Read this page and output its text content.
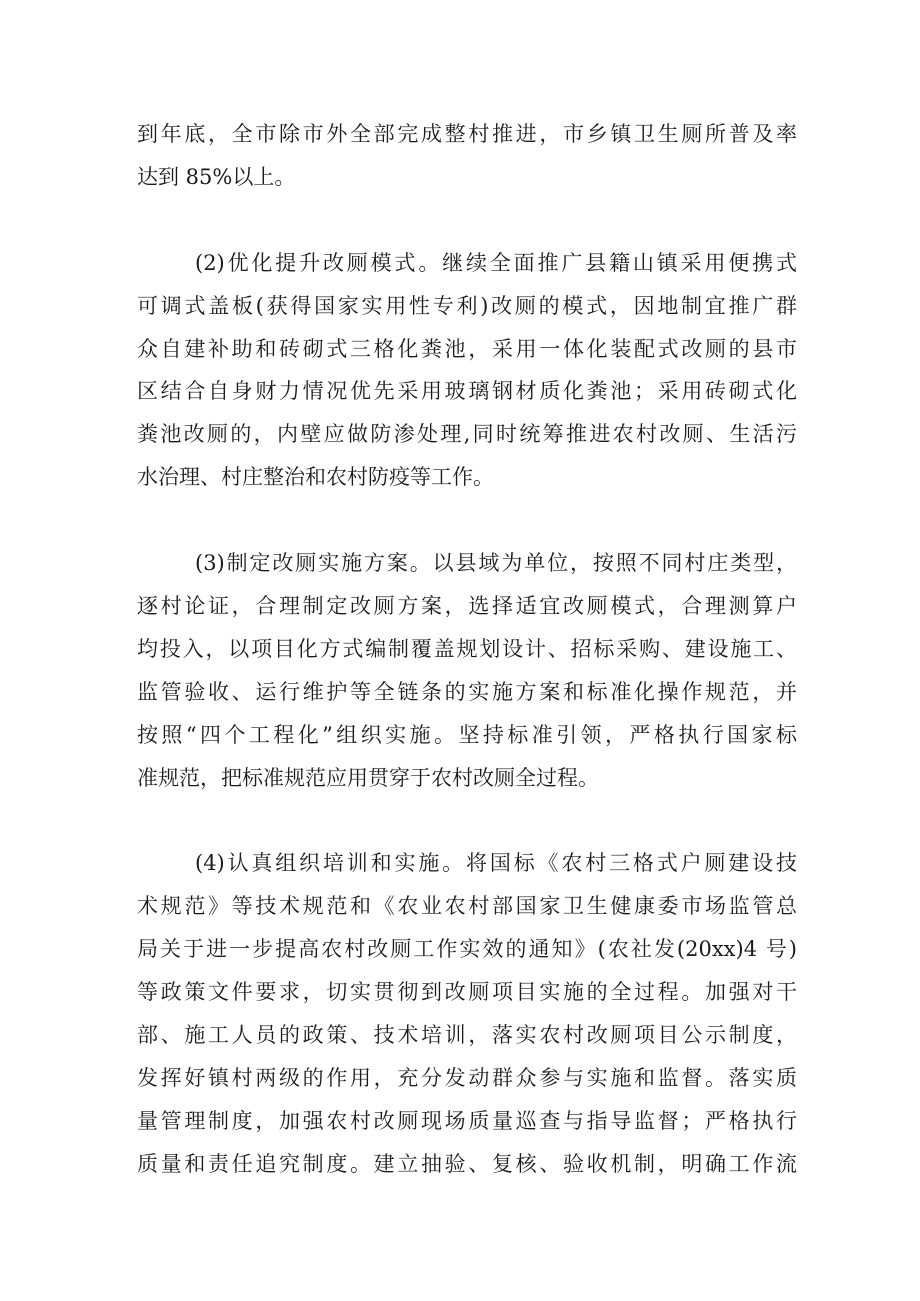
到年底，全市除市外全部完成整村推进，市乡镇卫生厕所普及率
达到 85%以上。
(2)优化提升改厕模式。继续全面推广县籍山镇采用便携式
可调式盖板(获得国家实用性专利)改厕的模式，因地制宜推广群
众自建补助和砖砌式三格化粪池，采用一体化装配式改厕的县市
区结合自身财力情况优先采用玻璃钢材质化粪池；采用砖砌式化
粪池改厕的，内壁应做防渗处理,同时统筹推进农村改厕、生活污
水治理、村庄整治和农村防疫等工作。
(3)制定改厕实施方案。以县域为单位，按照不同村庄类型，
逐村论证，合理制定改厕方案，选择适宜改厕模式，合理测算户
均投入，以项目化方式编制覆盖规划设计、招标采购、建设施工、
监管验收、运行维护等全链条的实施方案和标准化操作规范，并
按照“四个工程化”组织实施。坚持标准引领，严格执行国家标
准规范，把标准规范应用贯穿于农村改厕全过程。
(4)认真组织培训和实施。将国标《农村三格式户厕建设技
术规范》等技术规范和《农业农村部国家卫生健康委市场监管总
局关于进一步提高农村改厕工作实效的通知》(农社发(20xx)4 号)
等政策文件要求，切实贯彻到改厕项目实施的全过程。加强对干
部、施工人员的政策、技术培训，落实农村改厕项目公示制度，
发挥好镇村两级的作用，充分发动群众参与实施和监督。落实质
量管理制度，加强农村改厕现场质量巡查与指导监督；严格执行
质量和责任追究制度。建立抽验、复核、验收机制，明确工作流
